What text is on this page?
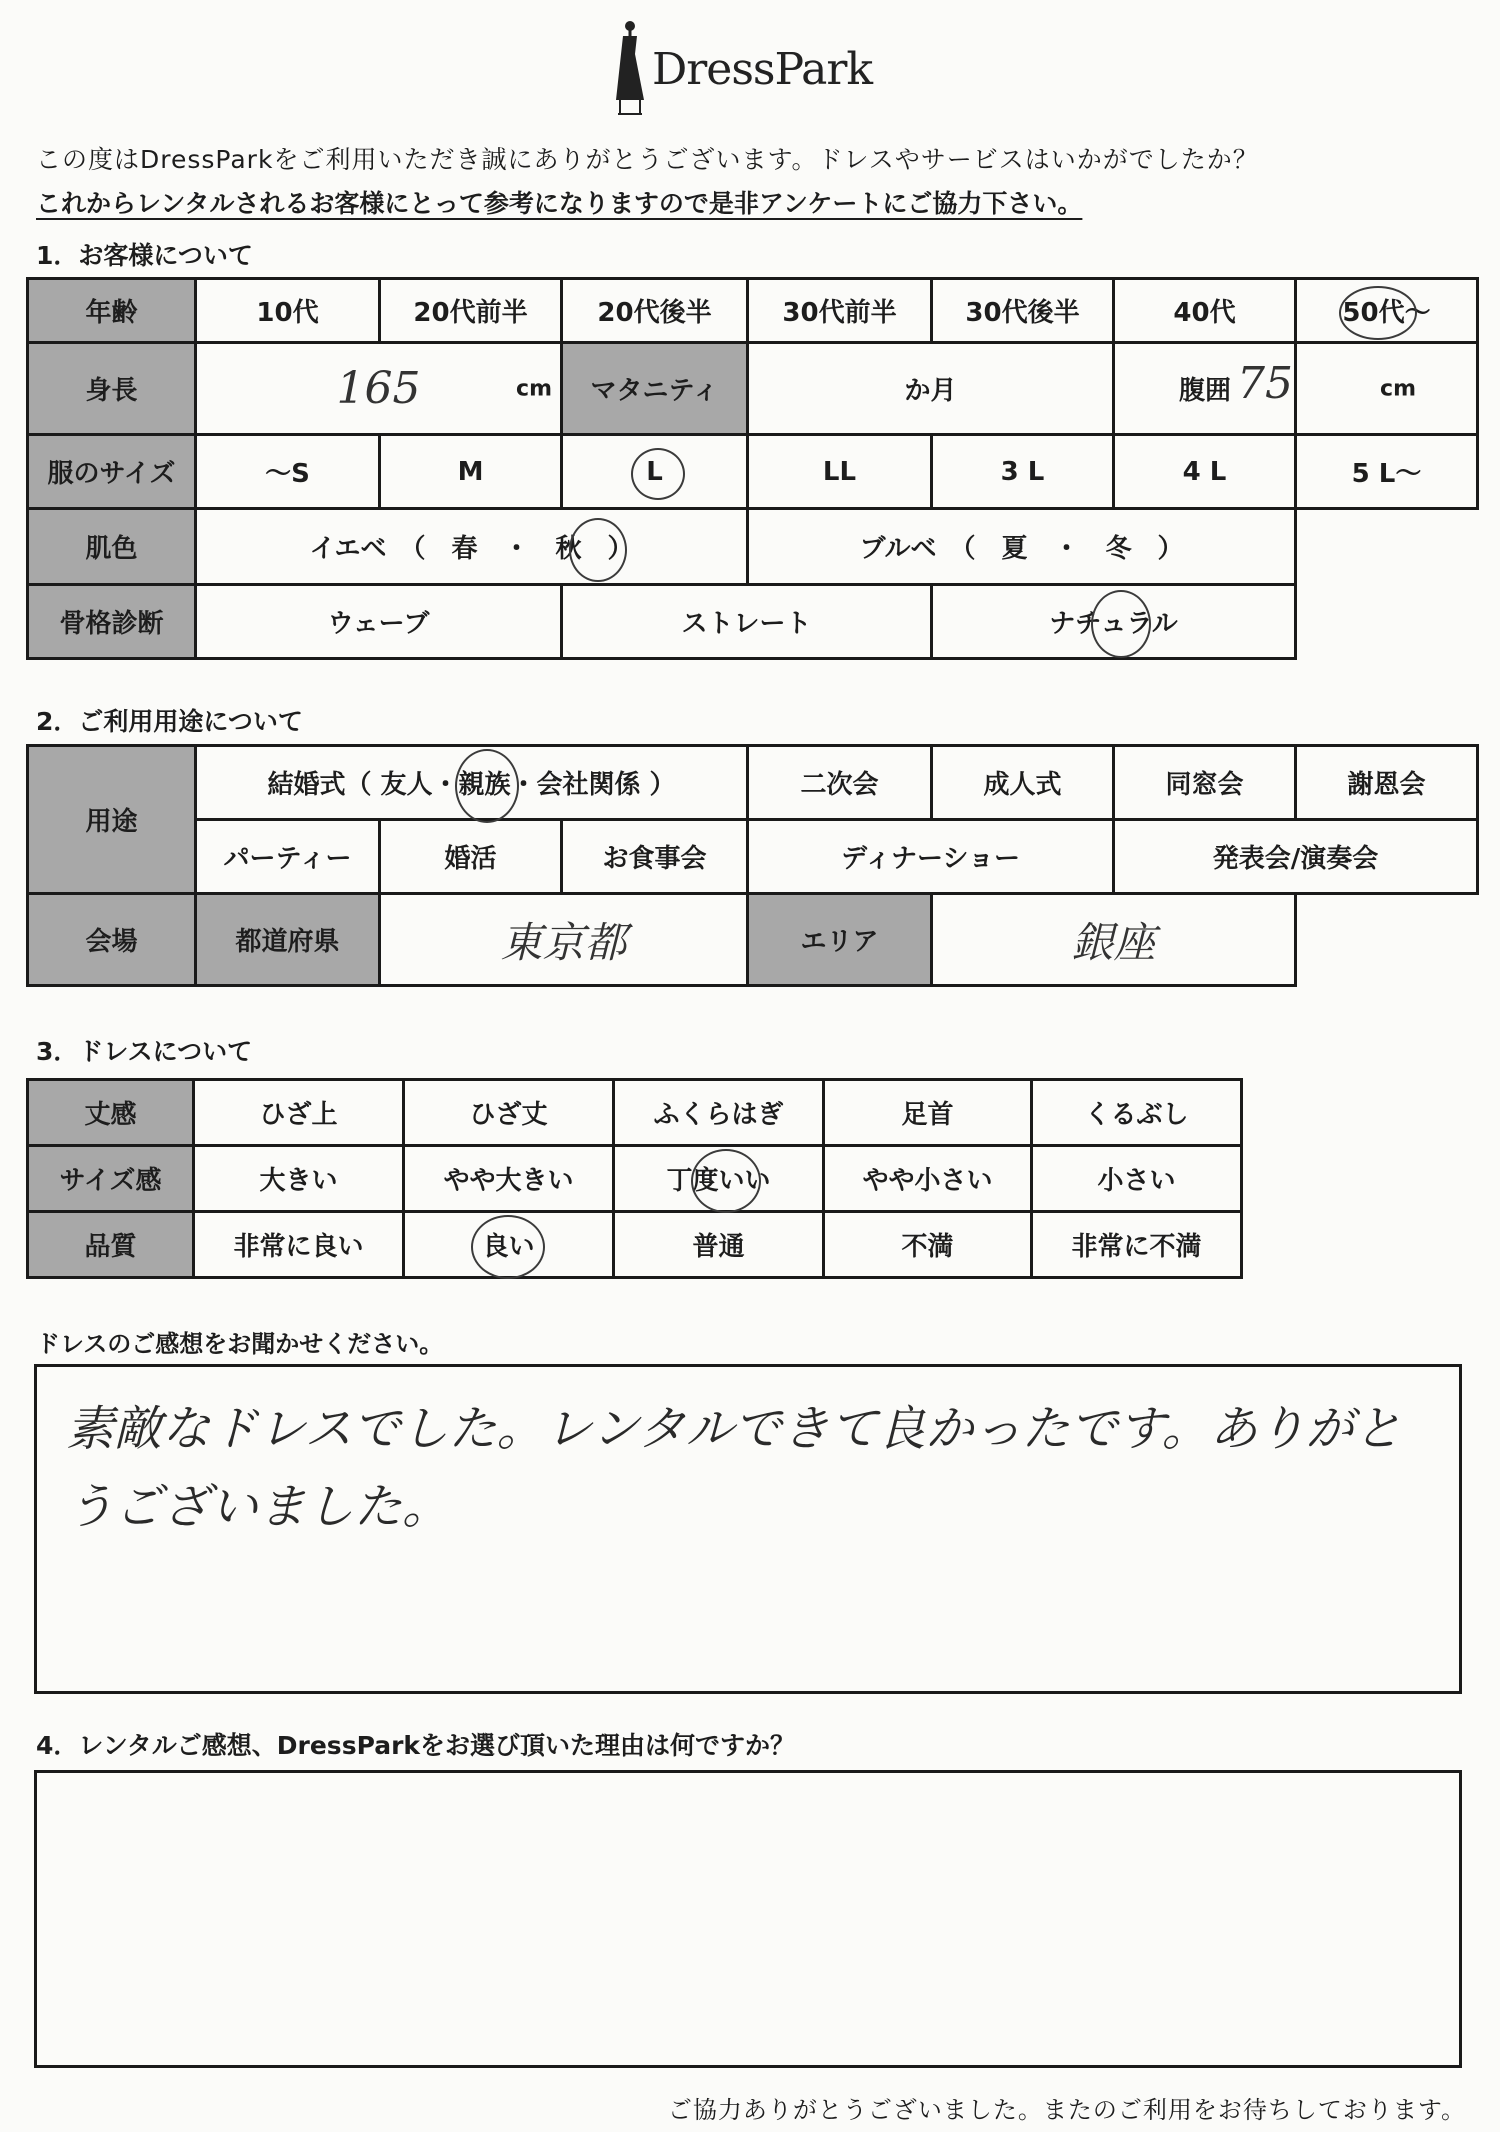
DressPark
この度はDressParkをご利用いただき誠にありがとうございます。ドレスやサービスはいかがでしたか？
これからレンタルされるお客様にとって参考になりますので是非アンケートにご協力下さい。
1．お客様について
年齢	10代	20代前半	20代後半	30代前半	30代後半	40代	50代～

身長	165 cm		マタニティ	か月		腹囲	75 cm

服のサイズ	～S	M	L	LL	3 L	4 L	5 L～
肌色	イエベ　（　春　・　秋　）			ブルベ　（　夏　・　冬　）			
骨格診断	ウェーブ		ストレート		ナチュラル	

2．ご利用用途について
用途	結婚式（ 友人・親族・会社関係 ）			二次会	成人式	同窓会	謝恩会
	パーティー	婚活	お食事会	ディナーショー		発表会/演奏会	
会場	都道府県	東京都		エリア	銀座		
3．ドレスについて
丈感	ひざ上	ひざ丈	ふくらはぎ	足首	くるぶし
サイズ感	大きい	やや大きい	丁度いい	やや小さい	小さい
品質	非常に良い	良い	普通	不満	非常に不満
ドレスのご感想をお聞かせください。
素敵なドレスでした。レンタルできて良かったです。ありがとうございました。
4．レンタルご感想、DressParkをお選び頂いた理由は何ですか？
ご協力ありがとうございました。またのご利用をお待ちしております。
